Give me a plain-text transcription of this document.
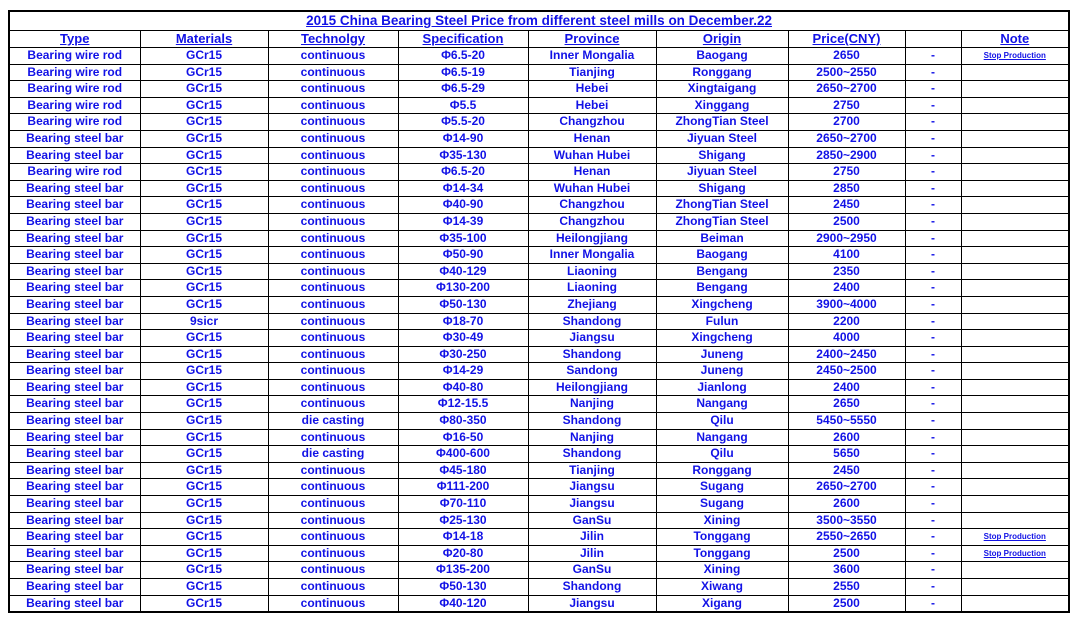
2015 China Bearing Steel Price from different steel mills on December.22								
Type	Materials	Technolgy	Specification	Province	Origin	Price(CNY)		Note
Bearing wire rod	GCr15	continuous	Φ6.5-20	Inner Mongalia	Baogang	2650	-	Stop Production
Bearing wire rod	GCr15	continuous	Φ6.5-19	Tianjing	Ronggang	2500~2550	-	
Bearing wire rod	GCr15	continuous	Φ6.5-29	Hebei	Xingtaigang	2650~2700	-	
Bearing wire rod	GCr15	continuous	Φ5.5	Hebei	Xinggang	2750	-	
Bearing wire rod	GCr15	continuous	Φ5.5-20	Changzhou	ZhongTian Steel	2700	-	
Bearing steel bar	GCr15	continuous	Φ14-90	Henan	Jiyuan Steel	2650~2700	-	
Bearing steel bar	GCr15	continuous	Φ35-130	Wuhan Hubei	Shigang	2850~2900	-	
Bearing wire rod	GCr15	continuous	Φ6.5-20	Henan	Jiyuan Steel	2750	-	
Bearing steel bar	GCr15	continuous	Φ14-34	Wuhan Hubei	Shigang	2850	-	
Bearing steel bar	GCr15	continuous	Φ40-90	Changzhou	ZhongTian Steel	2450	-	
Bearing steel bar	GCr15	continuous	Φ14-39	Changzhou	ZhongTian Steel	2500	-	
Bearing steel bar	GCr15	continuous	Φ35-100	Heilongjiang	Beiman	2900~2950	-	
Bearing steel bar	GCr15	continuous	Φ50-90	Inner Mongalia	Baogang	4100	-	
Bearing steel bar	GCr15	continuous	Φ40-129	Liaoning	Bengang	2350	-	
Bearing steel bar	GCr15	continuous	Φ130-200	Liaoning	Bengang	2400	-	
Bearing steel bar	GCr15	continuous	Φ50-130	Zhejiang	Xingcheng	3900~4000	-	
Bearing steel bar	9sicr	continuous	Φ18-70	Shandong	Fulun	2200	-	
Bearing steel bar	GCr15	continuous	Φ30-49	Jiangsu	Xingcheng	4000	-	
Bearing steel bar	GCr15	continuous	Φ30-250	Shandong	Juneng	2400~2450	-	
Bearing steel bar	GCr15	continuous	Φ14-29	Sandong	Juneng	2450~2500	-	
Bearing steel bar	GCr15	continuous	Φ40-80	Heilongjiang	Jianlong	2400	-	
Bearing steel bar	GCr15	continuous	Φ12-15.5	Nanjing	Nangang	2650	-	
Bearing steel bar	GCr15	die casting	Φ80-350	Shandong	Qilu	5450~5550	-	
Bearing steel bar	GCr15	continuous	Φ16-50	Nanjing	Nangang	2600	-	
Bearing steel bar	GCr15	die casting	Φ400-600	Shandong	Qilu	5650	-	
Bearing steel bar	GCr15	continuous	Φ45-180	Tianjing	Ronggang	2450	-	
Bearing steel bar	GCr15	continuous	Φ111-200	Jiangsu	Sugang	2650~2700	-	
Bearing steel bar	GCr15	continuous	Φ70-110	Jiangsu	Sugang	2600	-	
Bearing steel bar	GCr15	continuous	Φ25-130	GanSu	Xining	3500~3550	-	
Bearing steel bar	GCr15	continuous	Φ14-18	Jilin	Tonggang	2550~2650	-	Stop Production
Bearing steel bar	GCr15	continuous	Φ20-80	Jilin	Tonggang	2500	-	Stop Production
Bearing steel bar	GCr15	continuous	Φ135-200	GanSu	Xining	3600	-	
Bearing steel bar	GCr15	continuous	Φ50-130	Shandong	Xiwang	2550	-	
Bearing steel bar	GCr15	continuous	Φ40-120	Jiangsu	Xigang	2500	-	
